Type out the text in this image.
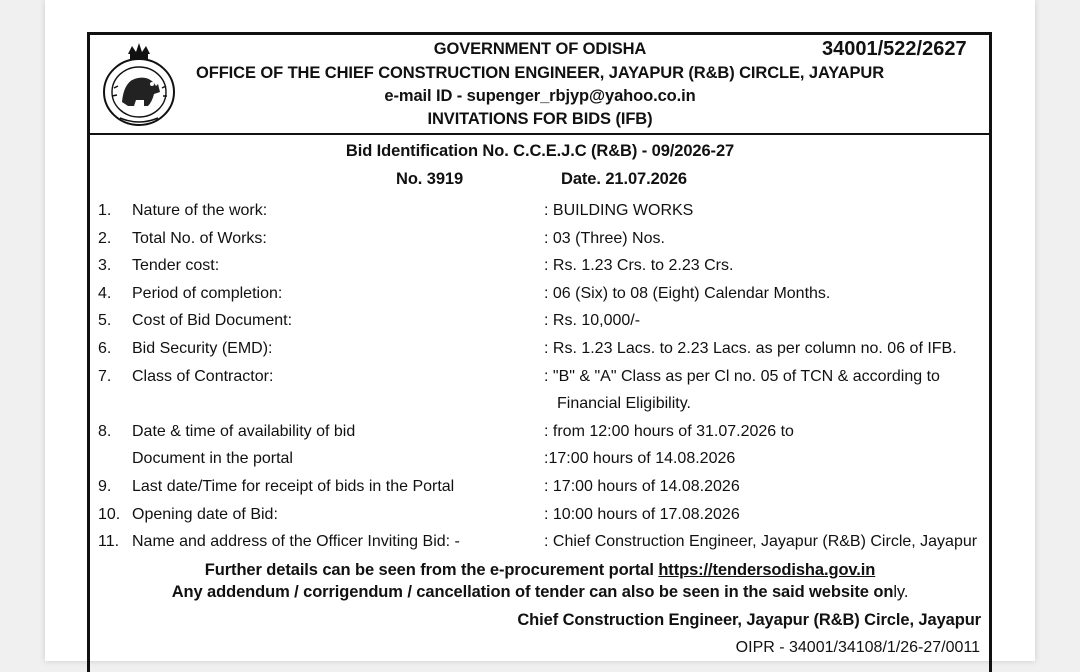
GOVERNMENT OF ODISHA	34001/522/2627
OFFICE OF THE CHIEF CONSTRUCTION ENGINEER, JAYAPUR (R&B) CIRCLE, JAYAPUR
e-mail ID - supenger_rbjyp@yahoo.co.in
INVITATIONS FOR BIDS (IFB)
Bid Identification No. C.C.E.J.C (R&B) - 09/2026-27
No. 3919	Date. 21.07.2026
1. Nature of the work:	: BUILDING WORKS
2. Total No. of Works:	: 03 (Three) Nos.
3. Tender cost:	: Rs. 1.23 Crs. to 2.23 Crs.
4. Period of completion:	: 06 (Six) to 08 (Eight) Calendar Months.
5. Cost of Bid Document:	: Rs. 10,000/-
6. Bid Security (EMD):	: Rs. 1.23 Lacs. to 2.23 Lacs. as per column no. 06 of IFB.
7. Class of Contractor:	: "B" & "A" Class as per Cl no. 05 of TCN & according to
Financial Eligibility.
8. Date & time of availability of bid	: from 12:00 hours of 31.07.2026 to
Document in the portal	:17:00 hours of 14.08.2026
9. Last date/Time for receipt of bids in the Portal	: 17:00 hours of 14.08.2026
10. Opening date of Bid:	: 10:00 hours of 17.08.2026
11. Name and address of the Officer Inviting Bid: -	: Chief Construction Engineer, Jayapur (R&B) Circle, Jayapur
Further details can be seen from the e-procurement portal https://tendersodisha.gov.in
Any addendum / corrigendum / cancellation of tender can also be seen in the said website only.
Chief Construction Engineer, Jayapur (R&B) Circle, Jayapur
OIPR - 34001/34108/1/26-27/0011
